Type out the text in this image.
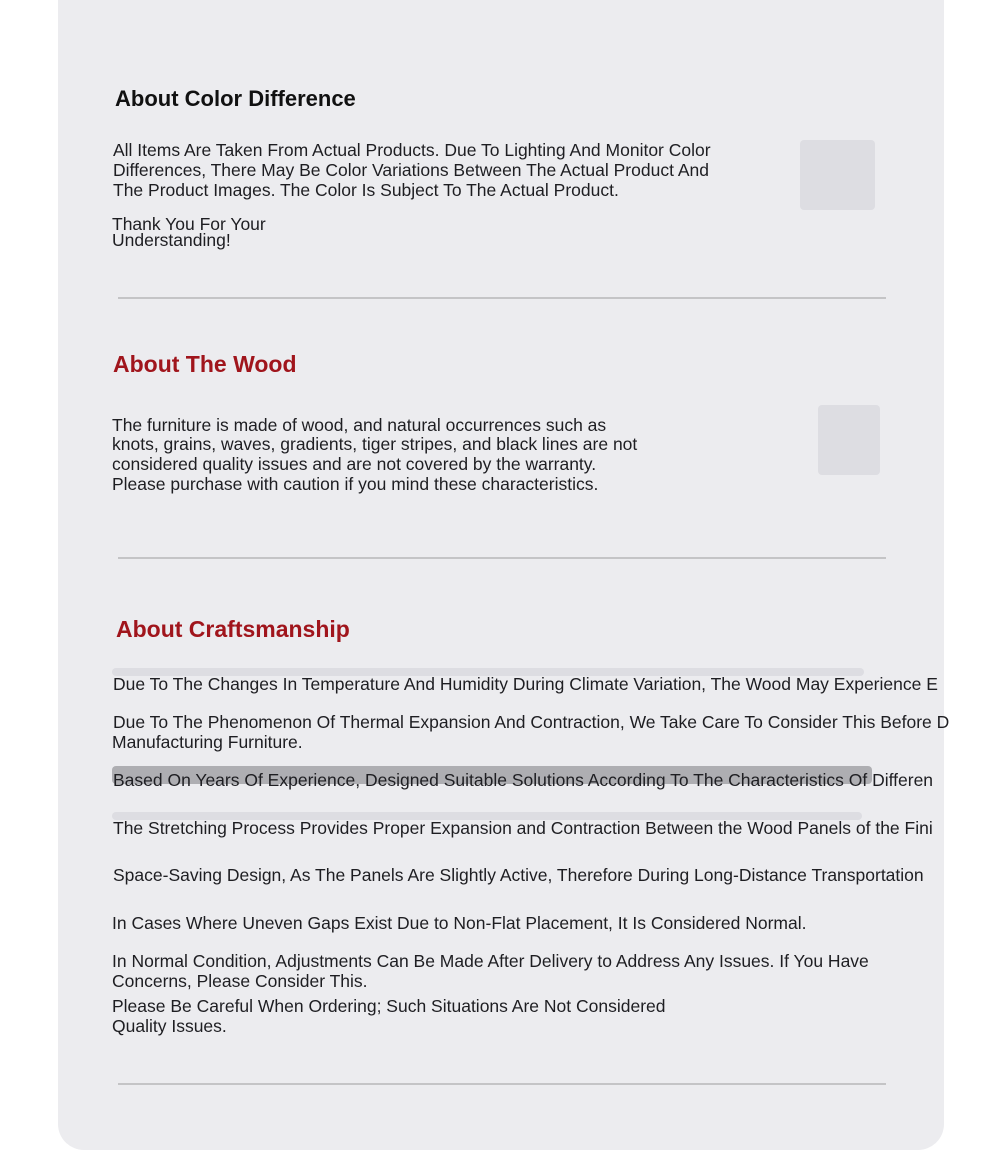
About Color Difference

All Items Are Taken From Actual Products. Due To Lighting And Monitor Color

Differences, There May Be Color Variations Between The Actual Product And

The Product Images. The Color Is Subject To The Actual Product.

Thank You For Your

Understanding!

About The Wood

The furniture is made of wood, and natural occurrences such as

knots, grains, waves, gradients, tiger stripes, and black lines are not

considered quality issues and are not covered by the warranty.

Please purchase with caution if you mind these characteristics.

About Craftsmanship

Due To The Changes In Temperature And Humidity During Climate Variation, The Wood May Experience E

Due To The Phenomenon Of Thermal Expansion And Contraction, We Take Care To Consider This Before D

Manufacturing Furniture.

Based On Years Of Experience, Designed Suitable Solutions According To The Characteristics Of Differen

The Stretching Process Provides Proper Expansion and Contraction Between the Wood Panels of the Fini

Space-Saving Design, As The Panels Are Slightly Active, Therefore During Long-Distance Transportation

In Cases Where Uneven Gaps Exist Due to Non-Flat Placement, It Is Considered Normal.

In Normal Condition, Adjustments Can Be Made After Delivery to Address Any Issues. If You Have

Concerns, Please Consider This.

Please Be Careful When Ordering; Such Situations Are Not Considered

Quality Issues.
